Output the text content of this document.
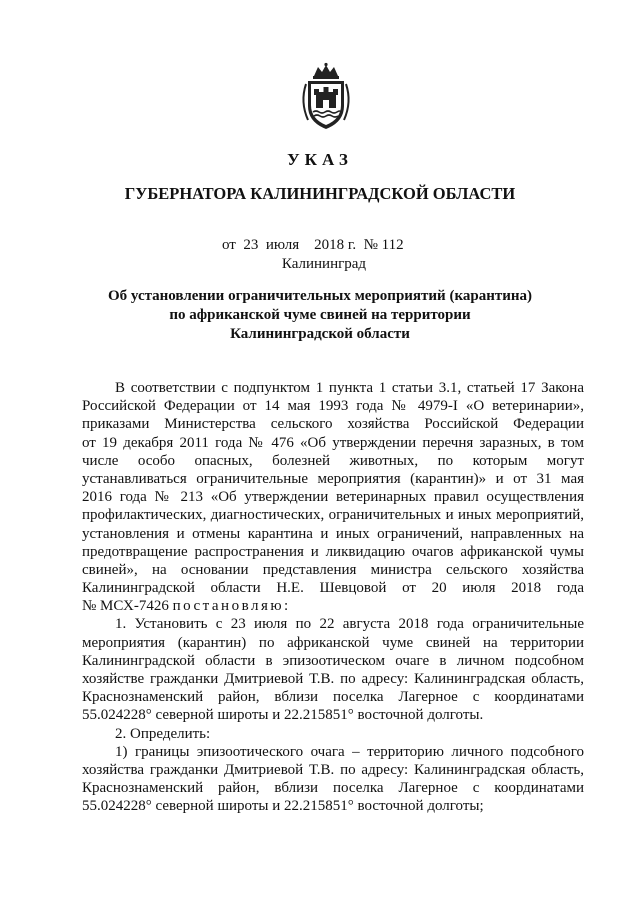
УКАЗ
ГУБЕРНАТОРА КАЛИНИНГРАДСКОЙ ОБЛАСТИ
от 23 июля 2018 г. № 112
Калининград
Об установлении ограничительных мероприятий (карантина)
по африканской чуме свиней на территории
Калининградской области
В соответствии с подпунктом 1 пункта 1 статьи 3.1, статьей 17 Закона
Российской Федерации от 14 мая 1993 года № 4979-I «О ветеринарии»,
приказами Министерства сельского хозяйства Российской Федерации
от 19 декабря 2011 года № 476 «Об утверждении перечня заразных, в том
числе особо опасных, болезней животных, по которым могут
устанавливаться ограничительные мероприятия (карантин)» и от 31 мая
2016 года № 213 «Об утверждении ветеринарных правил осуществления
профилактических, диагностических, ограничительных и иных мероприятий,
установления и отмены карантина и иных ограничений, направленных на
предотвращение распространения и ликвидацию очагов африканской чумы
свиней», на основании представления министра сельского хозяйства
Калининградской области Н.Е. Шевцовой от 20 июля 2018 года
№ МСХ-7426 постановляю:
1. Установить с 23 июля по 22 августа 2018 года ограничительные
мероприятия (карантин) по африканской чуме свиней на территории
Калининградской области в эпизоотическом очаге в личном подсобном
хозяйстве гражданки Дмитриевой Т.В. по адресу: Калининградская область,
Краснознаменский район, вблизи поселка Лагерное с координатами
55.024228° северной широты и 22.215851° восточной долготы.
2. Определить:
1) границы эпизоотического очага – территорию личного подсобного
хозяйства гражданки Дмитриевой Т.В. по адресу: Калининградская область,
Краснознаменский район, вблизи поселка Лагерное с координатами
55.024228° северной широты и 22.215851° восточной долготы;
